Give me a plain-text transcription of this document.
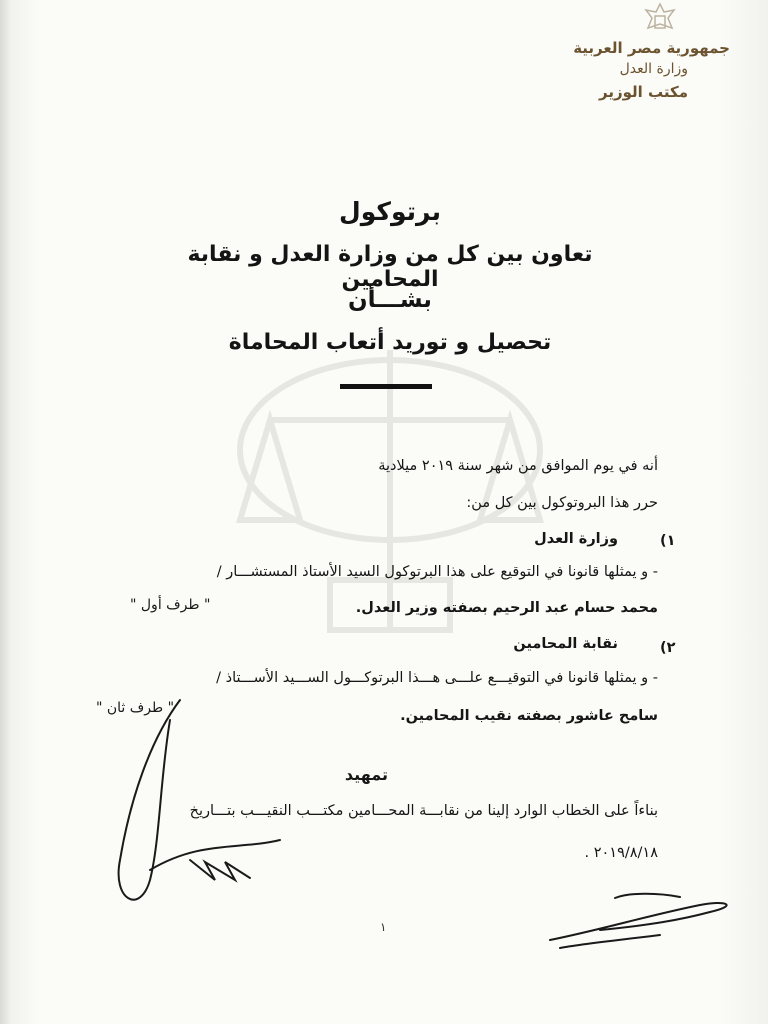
جمهورية مصر العربية
وزارة العدل
مكتب الوزير
برتوكول
تعاون بين كل من وزارة العدل و نقابة المحامين
بشـــأن
تحصيل و توريد أتعاب المحاماة
أنه في يوم الموافق من شهر سنة ٢٠١٩ ميلادية
حرر هذا البروتوكول بين كل من:
(١
وزارة العدل
- و يمثلها قانونا في التوقيع على هذا البرتوكول السيد الأستاذ المستشـــار /
محمد حسام عبد الرحيم بصفته وزير العدل.
" طرف أول "
(٢
نقابة المحامين
- و يمثلها قانونا في التوقيـــع علـــى هـــذا البرتوكـــول الســـيد الأســـتاذ /
سامح عاشور بصفته نقيب المحامين.
" طرف ثان "
تمهيد
بناءاً على الخطاب الوارد إلينا من نقابـــة المحـــامين مكتـــب النقيـــب بتـــاريخ
٢٠١٩/٨/١٨ .
١
